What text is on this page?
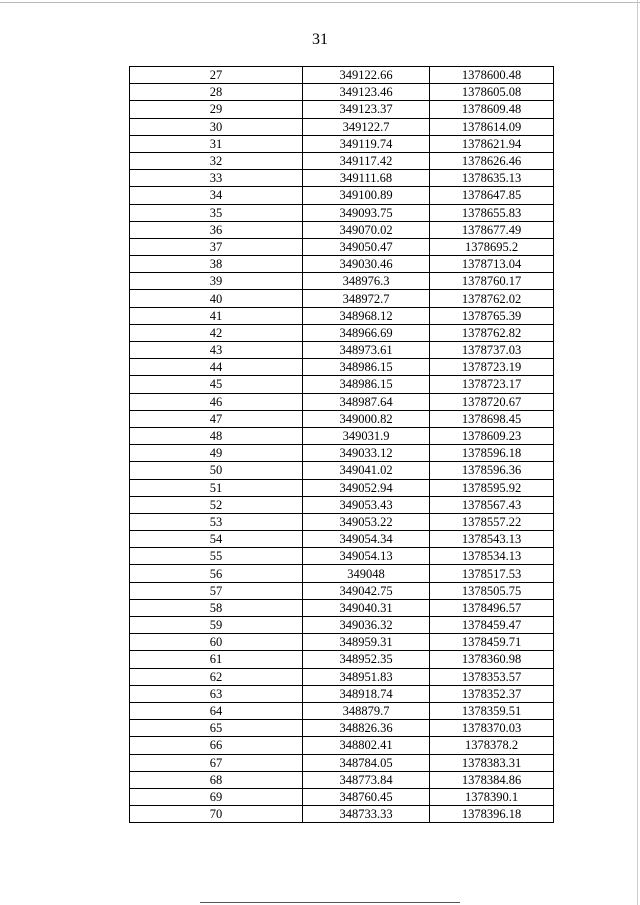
31
27	349122.66	1378600.48
28	349123.46	1378605.08
29	349123.37	1378609.48
30	349122.7	1378614.09
31	349119.74	1378621.94
32	349117.42	1378626.46
33	349111.68	1378635.13
34	349100.89	1378647.85
35	349093.75	1378655.83
36	349070.02	1378677.49
37	349050.47	1378695.2
38	349030.46	1378713.04
39	348976.3	1378760.17
40	348972.7	1378762.02
41	348968.12	1378765.39
42	348966.69	1378762.82
43	348973.61	1378737.03
44	348986.15	1378723.19
45	348986.15	1378723.17
46	348987.64	1378720.67
47	349000.82	1378698.45
48	349031.9	1378609.23
49	349033.12	1378596.18
50	349041.02	1378596.36
51	349052.94	1378595.92
52	349053.43	1378567.43
53	349053.22	1378557.22
54	349054.34	1378543.13
55	349054.13	1378534.13
56	349048	1378517.53
57	349042.75	1378505.75
58	349040.31	1378496.57
59	349036.32	1378459.47
60	348959.31	1378459.71
61	348952.35	1378360.98
62	348951.83	1378353.57
63	348918.74	1378352.37
64	348879.7	1378359.51
65	348826.36	1378370.03
66	348802.41	1378378.2
67	348784.05	1378383.31
68	348773.84	1378384.86
69	348760.45	1378390.1
70	348733.33	1378396.18
